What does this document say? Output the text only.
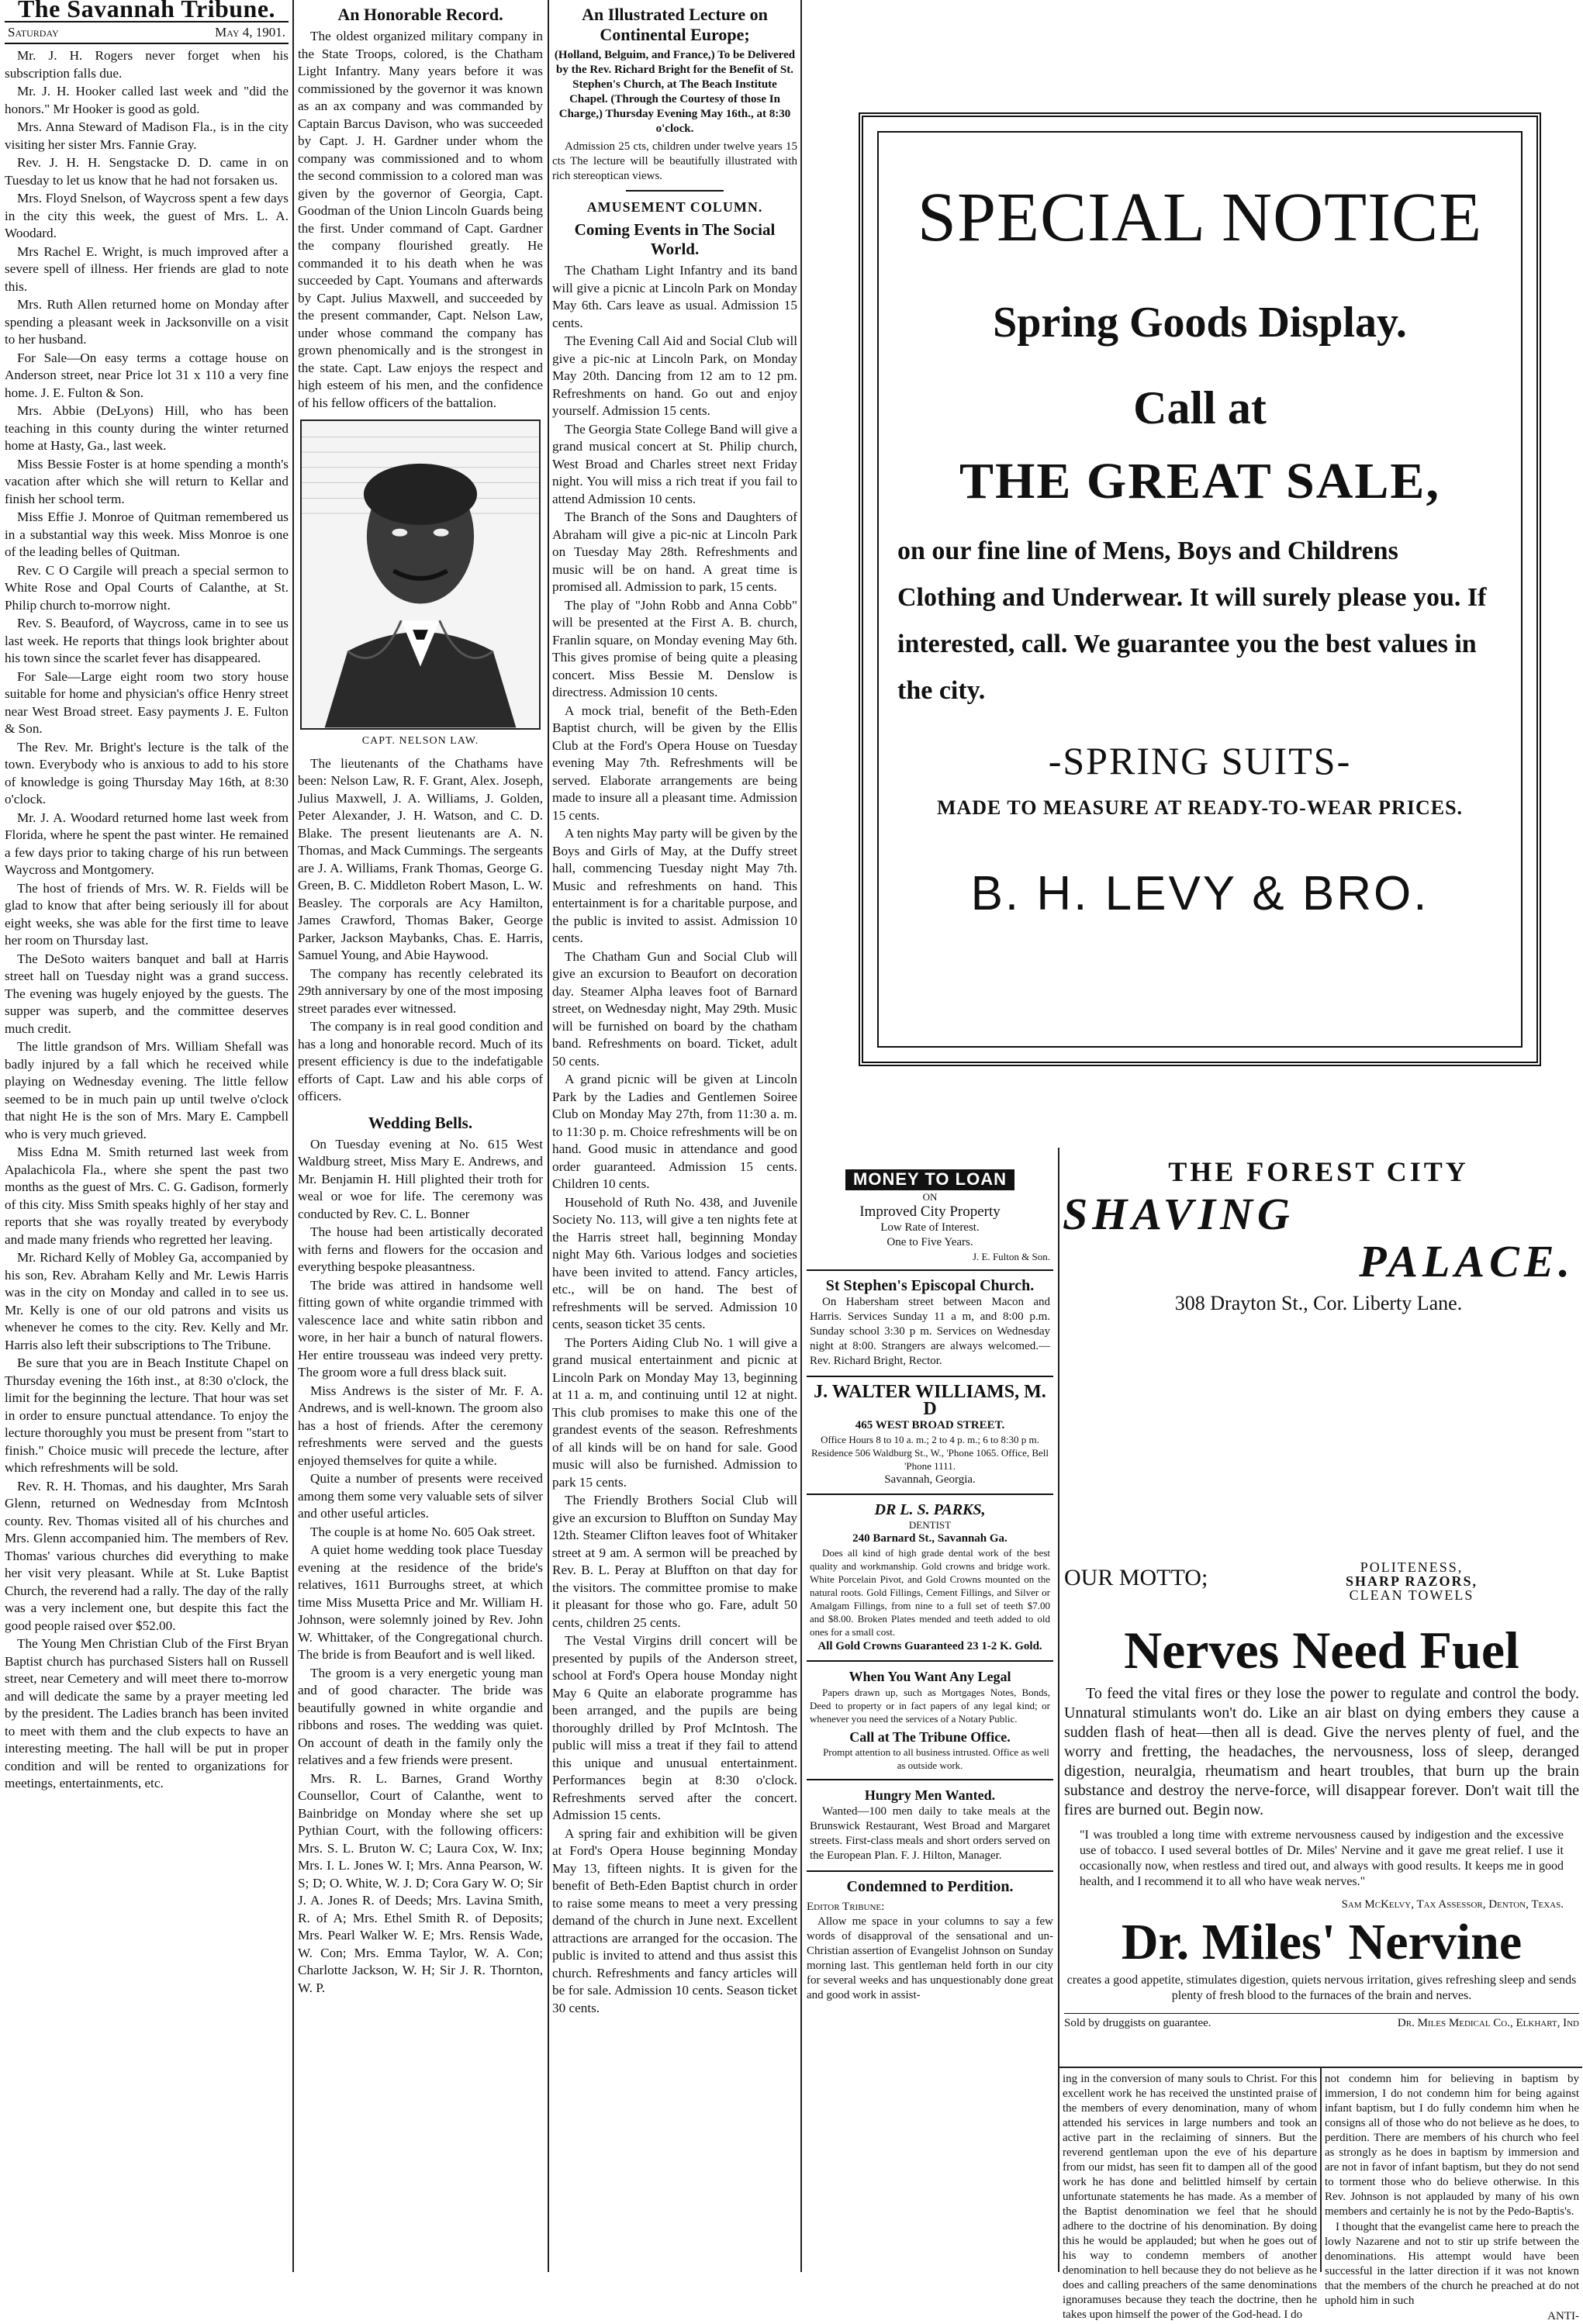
The Savannah Tribune.
Saturday	May 4, 1901.

Mr. J. H. Rogers never forget when his subscription falls due.

Mr. J. H. Hooker called last week and "did the honors." Mr Hooker is good as gold.

Mrs. Anna Steward of Madison Fla., is in the city visiting her sister Mrs. Fannie Gray.

Rev. J. H. H. Sengstacke D. D. came in on Tuesday to let us know that he had not forsaken us.

Mrs. Floyd Snelson, of Waycross spent a few days in the city this week, the guest of Mrs. L. A. Woodard.

Mrs Rachel E. Wright, is much improved after a severe spell of illness. Her friends are glad to note this.

Mrs. Ruth Allen returned home on Monday after spending a pleasant week in Jacksonville on a visit to her husband.

For Sale—On easy terms a cottage house on Anderson street, near Price lot 31 x 110 a very fine home. J. E. Fulton & Son.

Mrs. Abbie (DeLyons) Hill, who has been teaching in this county during the winter returned home at Hasty, Ga., last week.

Miss Bessie Foster is at home spending a month's vacation after which she will return to Kellar and finish her school term.

Miss Effie J. Monroe of Quitman remembered us in a substantial way this week. Miss Monroe is one of the leading belles of Quitman.

Rev. C O Cargile will preach a special sermon to White Rose and Opal Courts of Calanthe, at St. Philip church to-morrow night.

Rev. S. Beauford, of Waycross, came in to see us last week. He reports that things look brighter about his town since the scarlet fever has disappeared.

For Sale—Large eight room two story house suitable for home and physician's office Henry street near West Broad street. Easy payments J. E. Fulton & Son.

The Rev. Mr. Bright's lecture is the talk of the town. Everybody who is anxious to add to his store of knowledge is going Thursday May 16th, at 8:30 o'clock.

Mr. J. A. Woodard returned home last week from Florida, where he spent the past winter. He remained a few days prior to taking charge of his run between Waycross and Montgomery.

The host of friends of Mrs. W. R. Fields will be glad to know that after being seriously ill for about eight weeks, she was able for the first time to leave her room on Thursday last.

The DeSoto waiters banquet and ball at Harris street hall on Tuesday night was a grand success. The evening was hugely enjoyed by the guests. The supper was superb, and the committee deserves much credit.

The little grandson of Mrs. William Shefall was badly injured by a fall which he received while playing on Wednesday evening. The little fellow seemed to be in much pain up until twelve o'clock that night He is the son of Mrs. Mary E. Campbell who is very much grieved.

Miss Edna M. Smith returned last week from Apalachicola Fla., where she spent the past two months as the guest of Mrs. C. G. Gadison, formerly of this city. Miss Smith speaks highly of her stay and reports that she was royally treated by everybody and made many friends who regretted her leaving.

Mr. Richard Kelly of Mobley Ga, accompanied by his son, Rev. Abraham Kelly and Mr. Lewis Harris was in the city on Monday and called in to see us. Mr. Kelly is one of our old patrons and visits us whenever he comes to the city. Rev. Kelly and Mr. Harris also left their subscriptions to The Tribune.

Be sure that you are in Beach Institute Chapel on Thursday evening the 16th inst., at 8:30 o'clock, the limit for the beginning the lecture. That hour was set in order to ensure punctual attendance. To enjoy the lecture thoroughly you must be present from "start to finish." Choice music will precede the lecture, after which refreshments will be sold.

Rev. R. H. Thomas, and his daughter, Mrs Sarah Glenn, returned on Wednesday from McIntosh county. Rev. Thomas visited all of his churches and Mrs. Glenn accompanied him. The members of Rev. Thomas' various churches did everything to make her visit very pleasant. While at St. Luke Baptist Church, the reverend had a rally. The day of the rally was a very inclement one, but despite this fact the good people raised over $52.00.

The Young Men Christian Club of the First Bryan Baptist church has purchased Sisters hall on Russell street, near Cemetery and will meet there to-morrow and will dedicate the same by a prayer meeting led by the president. The Ladies branch has been invited to meet with them and the club expects to have an interesting meeting. The hall will be put in proper condition and will be rented to organizations for meetings, entertainments, etc.

An Honorable Record.

The oldest organized military company in the State Troops, colored, is the Chatham Light Infantry. Many years before it was commissioned by the governor it was known as an ax company and was commanded by Captain Barcus Davison, who was succeeded by Capt. J. H. Gardner under whom the company was commissioned and to whom the second commission to a colored man was given by the governor of Georgia, Capt. Goodman of the Union Lincoln Guards being the first. Under command of Capt. Gardner the company flourished greatly. He commanded it to his death when he was succeeded by Capt. Youmans and afterwards by Capt. Julius Maxwell, and succeeded by the present commander, Capt. Nelson Law, under whose command the company has grown phenomically and is the strongest in the state. Capt. Law enjoys the respect and high esteem of his men, and the confidence of his fellow officers of the battalion.

CAPT. NELSON LAW.

The lieutenants of the Chathams have been: Nelson Law, R. F. Grant, Alex. Joseph, Julius Maxwell, J. A. Williams, J. Golden, Peter Alexander, J. H. Watson, and C. D. Blake. The present lieutenants are A. N. Thomas, and Mack Cummings. The sergeants are J. A. Williams, Frank Thomas, George G. Green, B. C. Middleton Robert Mason, L. W. Beasley. The corporals are Acy Hamilton, James Crawford, Thomas Baker, George Parker, Jackson Maybanks, Chas. E. Harris, Samuel Young, and Abie Haywood.

The company has recently celebrated its 29th anniversary by one of the most imposing street parades ever witnessed.

The company is in real good condition and has a long and honorable record. Much of its present efficiency is due to the indefatigable efforts of Capt. Law and his able corps of officers.

Wedding Bells.

On Tuesday evening at No. 615 West Waldburg street, Miss Mary E. Andrews, and Mr. Benjamin H. Hill plighted their troth for weal or woe for life. The ceremony was conducted by Rev. C. L. Bonner

The house had been artistically decorated with ferns and flowers for the occasion and everything bespoke pleasantness.

The bride was attired in handsome well fitting gown of white organdie trimmed with valescence lace and white satin ribbon and wore, in her hair a bunch of natural flowers. Her entire trousseau was indeed very pretty. The groom wore a full dress black suit.

Miss Andrews is the sister of Mr. F. A. Andrews, and is well-known. The groom also has a host of friends. After the ceremony refreshments were served and the guests enjoyed themselves for quite a while.

Quite a number of presents were received among them some very valuable sets of silver and other useful articles.

The couple is at home No. 605 Oak street.

A quiet home wedding took place Tuesday evening at the residence of the bride's relatives, 1611 Burroughs street, at which time Miss Musetta Price and Mr. William H. Johnson, were solemnly joined by Rev. John W. Whittaker, of the Congregational church. The bride is from Beaufort and is well liked.

The groom is a very energetic young man and of good character. The bride was beautifully gowned in white organdie and ribbons and roses. The wedding was quiet. On account of death in the family only the relatives and a few friends were present.

Mrs. R. L. Barnes, Grand Worthy Counsellor, Court of Calanthe, went to Bainbridge on Monday where she set up Pythian Court, with the following officers: Mrs. S. L. Bruton W. C; Laura Cox, W. Inx; Mrs. I. L. Jones W. I; Mrs. Anna Pearson, W. S; D; O. White, W. J. D; Cora Gary W. O; Sir J. A. Jones R. of Deeds; Mrs. Lavina Smith, R. of A; Mrs. Ethel Smith R. of Deposits; Mrs. Pearl Walker W. E; Mrs. Rensis Wade, W. Con; Mrs. Emma Taylor, W. A. Con; Charlotte Jackson, W. H; Sir J. R. Thornton, W. P.

An Illustrated Lecture on Continental Europe;
(Holland, Belguim, and France,) To be Delivered by the Rev. Richard Bright for the Benefit of St. Stephen's Church, at The Beach Institute Chapel. (Through the Courtesy of those In Charge,) Thursday Evening May 16th., at 8:30 o'clock.

Admission 25 cts, children under twelve years 15 cts The lecture will be beautifully illustrated with rich stereoptican views.

AMUSEMENT COLUMN.
Coming Events in The Social World.

The Chatham Light Infantry and its band will give a picnic at Lincoln Park on Monday May 6th. Cars leave as usual. Admission 15 cents.

The Evening Call Aid and Social Club will give a pic-nic at Lincoln Park, on Monday May 20th. Dancing from 12 am to 12 pm. Refreshments on hand. Go out and enjoy yourself. Admission 15 cents.

The Georgia State College Band will give a grand musical concert at St. Philip church, West Broad and Charles street next Friday night. You will miss a rich treat if you fail to attend Admission 10 cents.

The Branch of the Sons and Daughters of Abraham will give a pic-nic at Lincoln Park on Tuesday May 28th. Refreshments and music will be on hand. A great time is promised all. Admission to park, 15 cents.

The play of "John Robb and Anna Cobb" will be presented at the First A. B. church, Franlin square, on Monday evening May 6th. This gives promise of being quite a pleasing concert. Miss Bessie M. Denslow is directress. Admission 10 cents.

A mock trial, benefit of the Beth-Eden Baptist church, will be given by the Ellis Club at the Ford's Opera House on Tuesday evening May 7th. Refreshments will be served. Elaborate arrangements are being made to insure all a pleasant time. Admission 15 cents.

A ten nights May party will be given by the Boys and Girls of May, at the Duffy street hall, commencing Tuesday night May 7th. Music and refreshments on hand. This entertainment is for a charitable purpose, and the public is invited to assist. Admission 10 cents.

The Chatham Gun and Social Club will give an excursion to Beaufort on decoration day. Steamer Alpha leaves foot of Barnard street, on Wednesday night, May 29th. Music will be furnished on board by the chatham band. Refreshments on board. Ticket, adult 50 cents.

A grand picnic will be given at Lincoln Park by the Ladies and Gentlemen Soiree Club on Monday May 27th, from 11:30 a. m. to 11:30 p. m. Choice refreshments will be on hand. Good music in attendance and good order guaranteed. Admission 15 cents. Children 10 cents.

Household of Ruth No. 438, and Juvenile Society No. 113, will give a ten nights fete at the Harris street hall, beginning Monday night May 6th. Various lodges and societies have been invited to attend. Fancy articles, etc., will be on hand. The best of refreshments will be served. Admission 10 cents, season ticket 35 cents.

The Porters Aiding Club No. 1 will give a grand musical entertainment and picnic at Lincoln Park on Monday May 13, beginning at 11 a. m, and continuing until 12 at night. This club promises to make this one of the grandest events of the season. Refreshments of all kinds will be on hand for sale. Good music will also be furnished. Admission to park 15 cents.

The Friendly Brothers Social Club will give an excursion to Bluffton on Sunday May 12th. Steamer Clifton leaves foot of Whitaker street at 9 am. A sermon will be preached by Rev. B. L. Peray at Bluffton on that day for the visitors. The committee promise to make it pleasant for those who go. Fare, adult 50 cents, children 25 cents.

The Vestal Virgins drill concert will be presented by pupils of the Anderson street, school at Ford's Opera house Monday night May 6 Quite an elaborate programme has been arranged, and the pupils are being thoroughly drilled by Prof McIntosh. The public will miss a treat if they fail to attend this unique and unusual entertainment. Performances begin at 8:30 o'clock. Refreshments served after the concert. Admission 15 cents.

A spring fair and exhibition will be given at Ford's Opera House beginning Monday May 13, fifteen nights. It is given for the benefit of Beth-Eden Baptist church in order to raise some means to meet a very pressing demand of the church in June next. Excellent attractions are arranged for the occasion. The public is invited to attend and thus assist this church. Refreshments and fancy articles will be for sale. Admission 10 cents. Season ticket 30 cents.

SPECIAL NOTICE
Spring Goods Display.
Call at
THE GREAT SALE,
on our fine line of Mens, Boys and Childrens Clothing and Underwear. It will surely please you. If interested, call. We guarantee you the best values in the city.
-SPRING SUITS-
MADE TO MEASURE AT READY-TO-WEAR PRICES.
B. H. LEVY & BRO.
MONEY TO LOAN
ON
Improved City Property
Low Rate of Interest.
One to Five Years.
J. E. Fulton & Son.
St Stephen's Episcopal Church.

On Habersham street between Macon and Harris. Services Sunday 11 a m, and 8:00 p.m. Sunday school 3:30 p m. Services on Wednesday night at 8:00. Strangers are always welcomed.—Rev. Richard Bright, Rector.

J. WALTER WILLIAMS, M. D
465 WEST BROAD STREET.
Office Hours 8 to 10 a. m.; 2 to 4 p. m.; 6 to 8:30 p m. Residence 506 Waldburg St., W., 'Phone 1065. Office, Bell 'Phone 1111.
Savannah, Georgia.
DR L. S. PARKS,
DENTIST
240 Barnard St., Savannah Ga.

Does all kind of high grade dental work of the best quality and workmanship. Gold crowns and bridge work. White Porcelain Pivot, and Gold Crowns mounted on the natural roots. Gold Fillings, Cement Fillings, and Silver or Amalgam Fillings, from nine to a full set of teeth $7.00 and $8.00. Broken Plates mended and teeth added to old ones for a small cost.

All Gold Crowns Guaranteed 23 1-2 K. Gold.
When You Want Any Legal

Papers drawn up, such as Mortgages Notes, Bonds, Deed to property or in fact papers of any legal kind; or whenever you need the services of a Notary Public.

Call at The Tribune Office.

Prompt attention to all business intrusted. Office as well as outside work.

Hungry Men Wanted.

Wanted—100 men daily to take meals at the Brunswick Restaurant, West Broad and Margaret streets. First-class meals and short orders served on the European Plan. F. J. Hilton, Manager.

Condemned to Perdition.
Editor Tribune:

Allow me space in your columns to say a few words of disapproval of the sensational and un-Christian assertion of Evangelist Johnson on Sunday morning last. This gentleman held forth in our city for several weeks and has unquestionably done great and good work in assist-

THE FOREST CITY
SHAVING
PALACE.
308 Drayton St., Cor. Liberty Lane.
OUR MOTTO;	POLITENESS,
SHARP RAZORS,
CLEAN TOWELS
Nerves Need Fuel

To feed the vital fires or they lose the power to regulate and control the body. Unnatural stimulants won't do. Like an air blast on dying embers they cause a sudden flash of heat—then all is dead. Give the nerves plenty of fuel, and the worry and fretting, the headaches, the nervousness, loss of sleep, deranged digestion, neuralgia, rheumatism and heart troubles, that burn up the brain substance and destroy the nerve-force, will disappear forever. Don't wait till the fires are burned out. Begin now.

"I was troubled a long time with extreme nervousness caused by indigestion and the excessive use of tobacco. I used several bottles of Dr. Miles' Nervine and it gave me great relief. I use it occasionally now, when restless and tired out, and always with good results. It keeps me in good health, and I recommend it to all who have weak nerves."

Sam McKelvy, Tax Assessor, Denton, Texas.
Dr. Miles' Nervine
creates a good appetite, stimulates digestion, quiets nervous irritation, gives refreshing sleep and sends plenty of fresh blood to the furnaces of the brain and nerves.
Sold by druggists on guarantee.	Dr. Miles Medical Co., Elkhart, Ind

ing in the conversion of many souls to Christ. For this excellent work he has received the unstinted praise of the members of every denomination, many of whom attended his services in large numbers and took an active part in the reclaiming of sinners. But the reverend gentleman upon the eve of his departure from our midst, has seen fit to dampen all of the good work he has done and belittled himself by certain unfortunate statements he has made. As a member of the Baptist denomination we feel that he should adhere to the doctrine of his denomination. By doing this he would be applauded; but when he goes out of his way to condemn members of another denomination to hell because they do not believe as he does and calling preachers of the same denominations ignoramuses because they teach the doctrine, then he takes upon himself the power of the God-head. I do

not condemn him for believing in baptism by immersion, I do not condemn him for being against infant baptism, but I do fully condemn him when he consigns all of those who do not believe as he does, to perdition. There are members of his church who feel as strongly as he does in baptism by immersion and are not in favor of infant baptism, but they do not send to torment those who do believe otherwise. In this Rev. Johnson is not applauded by many of his own members and certainly he is not by the Pedo-Baptis's.

I thought that the evangelist came here to preach the lowly Nazarene and not to stir up strife between the denominations. His attempt would have been successful in the latter direction if it was not known that the members of the church he preached at do not uphold him in such

ANTI-
